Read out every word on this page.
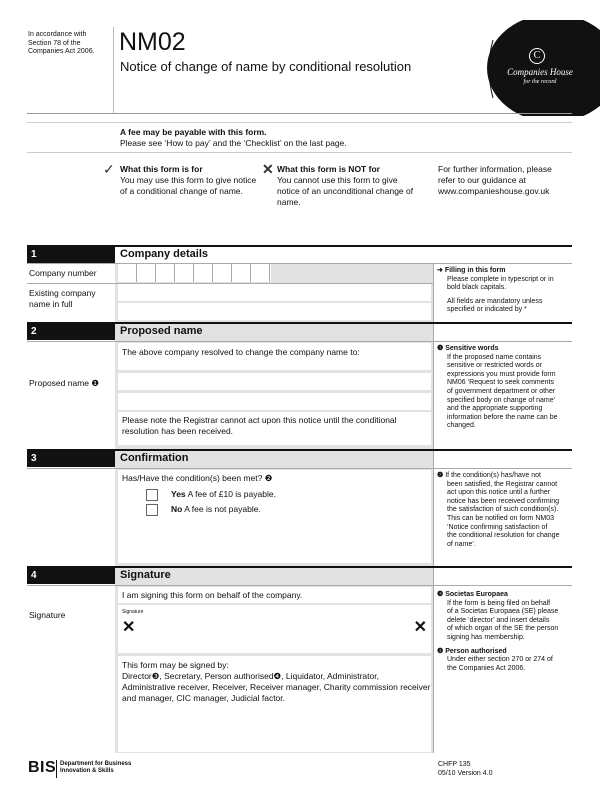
In accordance with
Section 78 of the
Companies Act 2006. NM02
Notice of change of name by conditional resolution
C
Companies House
for the record
A fee may be payable with this form.
Please see ‘How to pay’ and the ‘Checklist’ on the last page.
✓ What this form is for
You may use this form to give notice
of a conditional change of name.
✕ What this form is NOT for
You cannot use this form to give
notice of an unconditional change of
name.
For further information, please
refer to our guidance at
www.companieshouse.gov.uk
1	Company details
Company number
Existing company
name in full
➜ Filling in this form
Please complete in typescript or in
bold black capitals.
All fields are mandatory unless
specified or indicated by *
2	Proposed name
The above company resolved to change the company name to:
Proposed name ❶
Please note the Registrar cannot act upon this notice until the conditional
resolution has been received.
❶ Sensitive words
If the proposed name contains
sensitive or restricted words or
expressions you must provide form
NM06 ‘Request to seek comments
of government department or other
specified body on change of name’
and the appropriate supporting
information before the name can be
changed.
3	Confirmation
Has/Have the condition(s) been met? ❷
Yes A fee of £10 is payable.
No A fee is not payable.
❷ If the condition(s) has/have not
been satisfied, the Registrar cannot
act upon this notice until a further
notice has been received confirming
the satisfaction of such condition(s).
This can be notified on form NM03
‘Notice confirming satisfaction of
the conditional resolution for change
of name’.
4	Signature
I am signing this form on behalf of the company.
Signature	Signature
✕	✕
This form may be signed by:
Director❸, Secretary, Person authorised❹, Liquidator, Administrator,
Administrative receiver, Receiver, Receiver manager, Charity commission receiver
and manager, CIC manager, Judicial factor.
❸ Societas Europaea
If the form is being filed on behalf
of a Societas Europaea (SE) please
delete ‘director’ and insert details
of which organ of the SE the person
signing has membership.
❹ Person authorised
Under either section 270 or 274 of
the Companies Act 2006.
BIS Department for Business
Innovation & Skills
CHFP 135
05/10 Version 4.0
